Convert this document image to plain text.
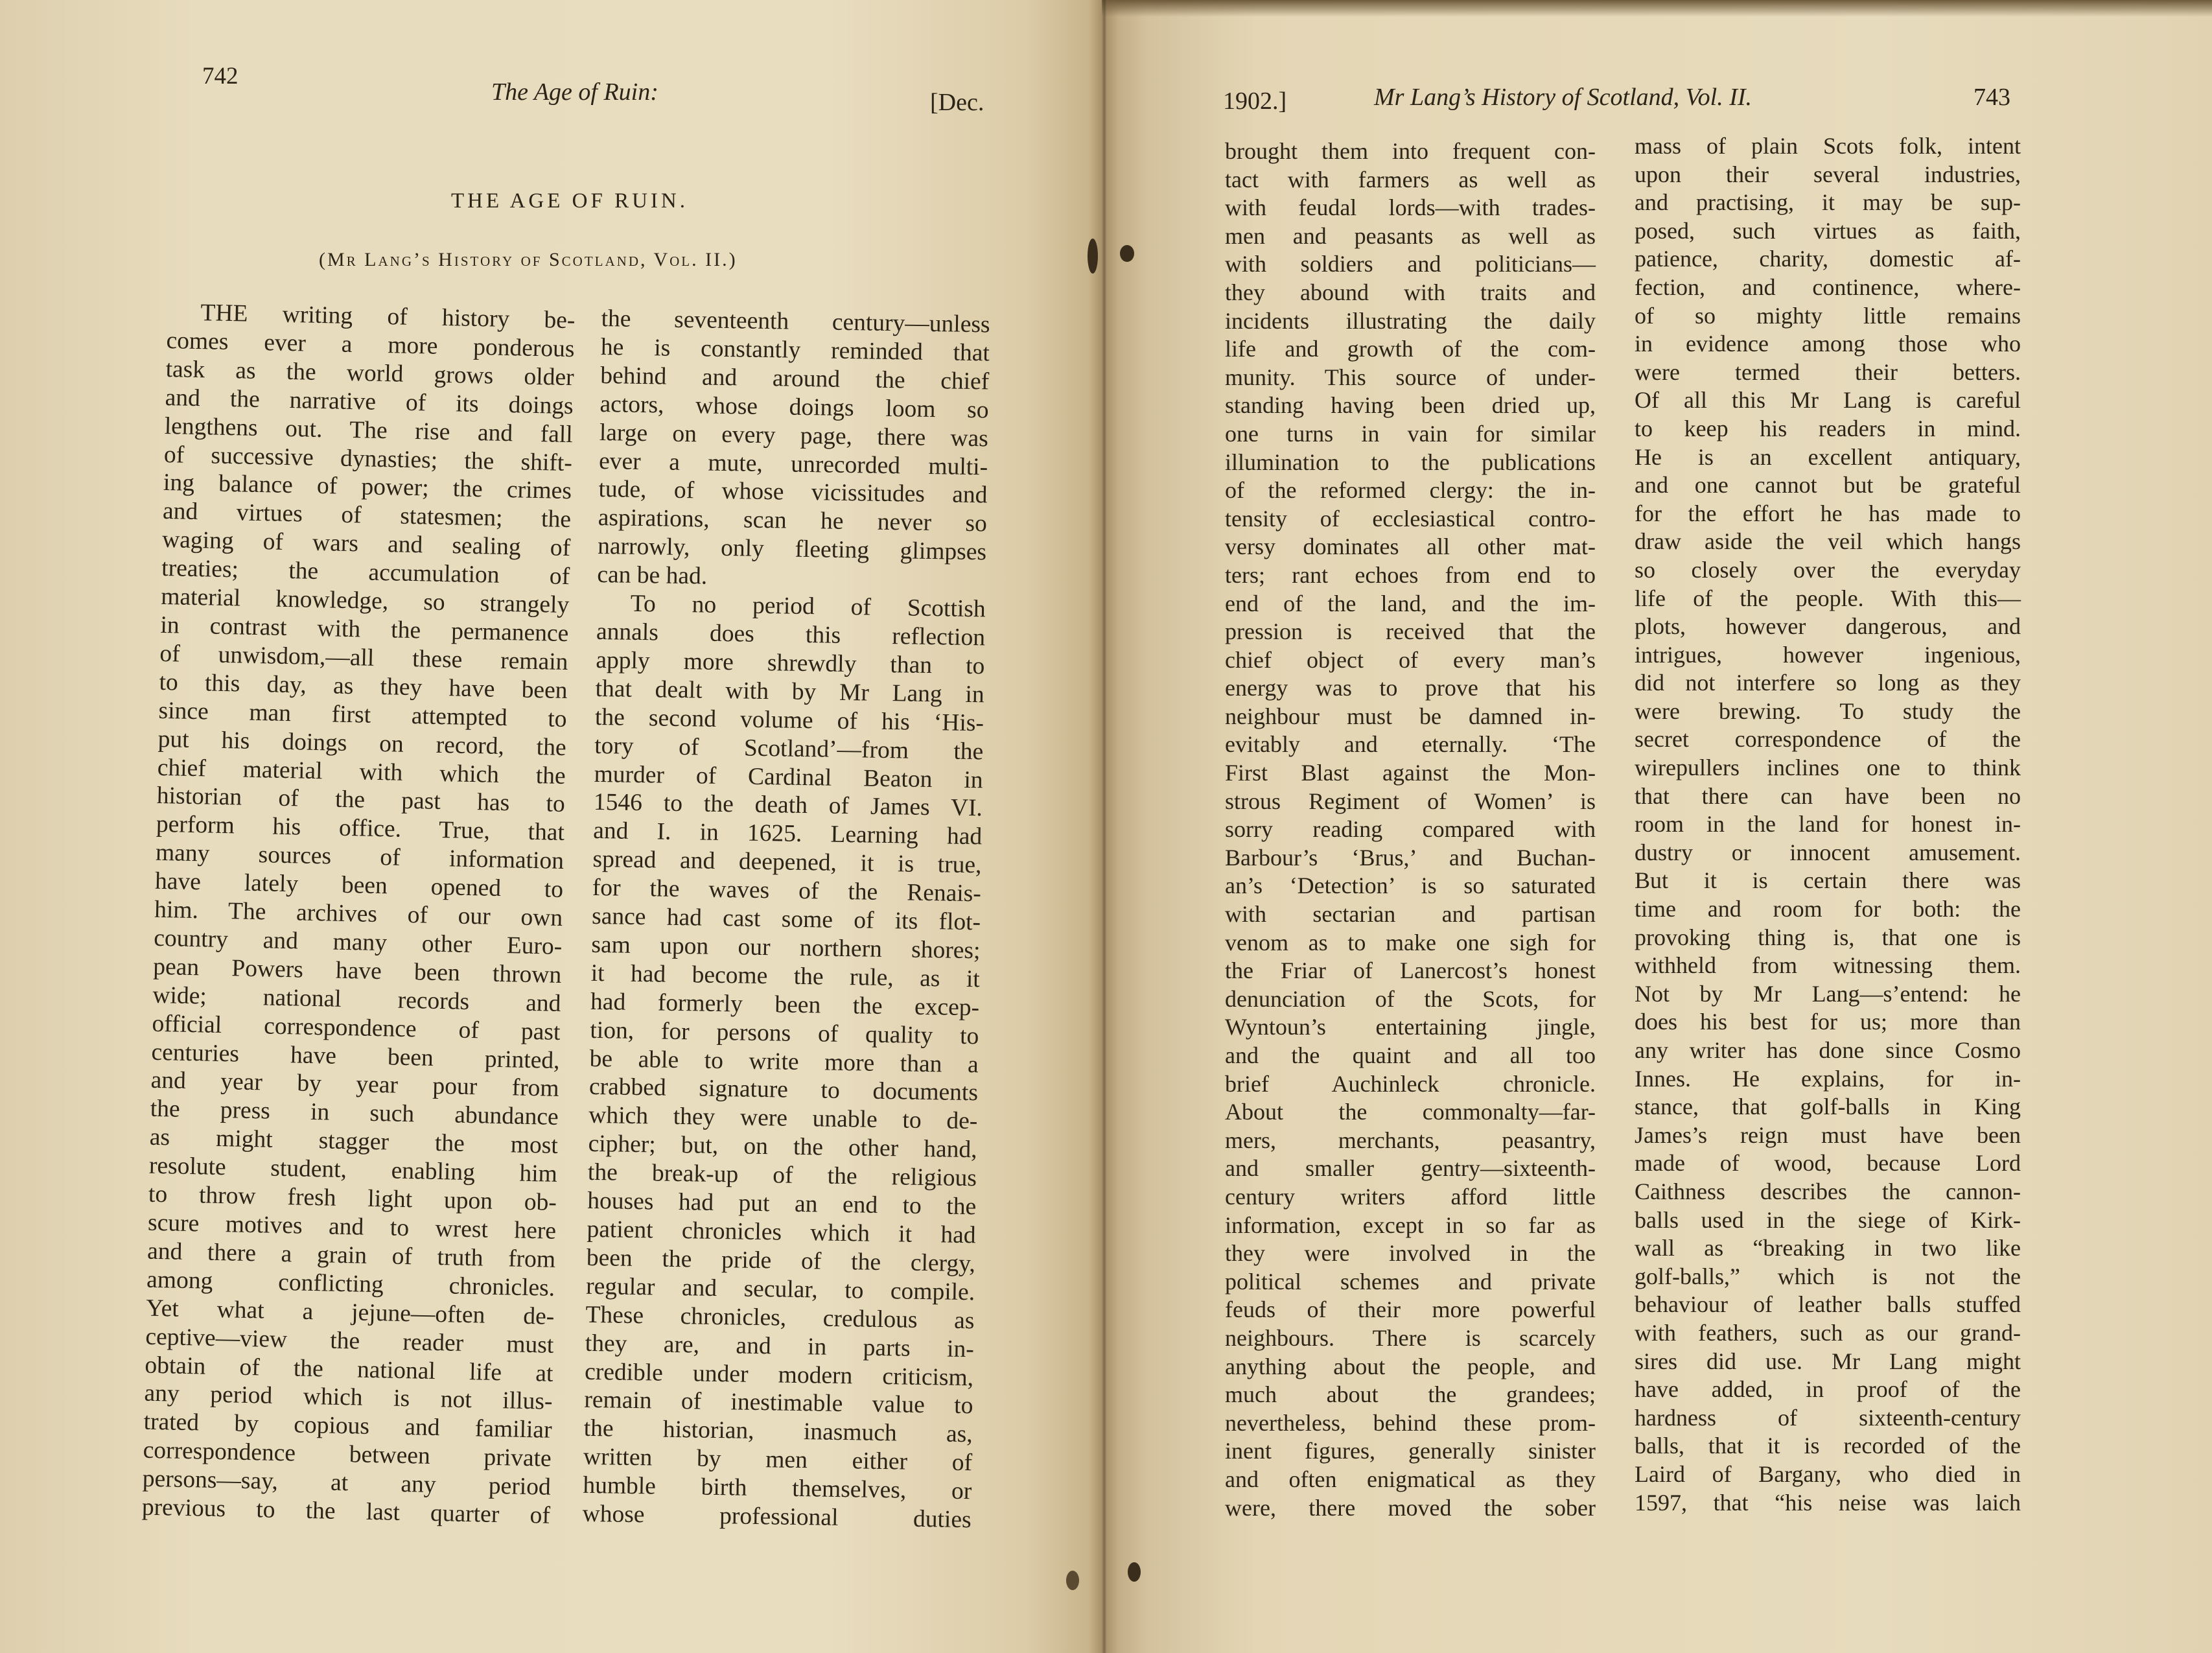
742
The Age of Ruin:	[Dec.
THE AGE OF RUIN.
(Mr Lang’s History of Scotland, Vol. II.)
THE writing of history be-
comes ever a more ponderous
task as the world grows older
and the narrative of its doings
lengthens out. The rise and fall
of successive dynasties; the shift-
ing balance of power; the crimes
and virtues of statesmen; the
waging of wars and sealing of
treaties; the accumulation of
material knowledge, so strangely
in contrast with the permanence
of unwisdom,—all these remain
to this day, as they have been
since man first attempted to
put his doings on record, the
chief material with which the
historian of the past has to
perform his office. True, that
many sources of information
have lately been opened to
him. The archives of our own
country and many other Euro-
pean Powers have been thrown
wide; national records and
official correspondence of past
centuries have been printed,
and year by year pour from
the press in such abundance
as might stagger the most
resolute student, enabling him
to throw fresh light upon ob-
scure motives and to wrest here
and there a grain of truth from
among conflicting chronicles.
Yet what a jejune—often de-
ceptive—view the reader must
obtain of the national life at
any period which is not illus-
trated by copious and familiar
correspondence between private
persons—say, at any period
previous to the last quarter of
the seventeenth century—unless
he is constantly reminded that
behind and around the chief
actors, whose doings loom so
large on every page, there was
ever a mute, unrecorded multi-
tude, of whose vicissitudes and
aspirations, scan he never so
narrowly, only fleeting glimpses
can be had.
To no period of Scottish
annals does this reflection
apply more shrewdly than to
that dealt with by Mr Lang in
the second volume of his ‘His-
tory of Scotland’—from the
murder of Cardinal Beaton in
1546 to the death of James VI.
and I. in 1625. Learning had
spread and deepened, it is true,
for the waves of the Renais-
sance had cast some of its flot-
sam upon our northern shores;
it had become the rule, as it
had formerly been the excep-
tion, for persons of quality to
be able to write more than a
crabbed signature to documents
which they were unable to de-
cipher; but, on the other hand,
the break-up of the religious
houses had put an end to the
patient chronicles which it had
been the pride of the clergy,
regular and secular, to compile.
These chronicles, credulous as
they are, and in parts in-
credible under modern criticism,
remain of inestimable value to
the historian, inasmuch as,
written by men either of
humble birth themselves, or
whose professional duties
1902.]	Mr Lang’s History of Scotland, Vol. II.	743
brought them into frequent con-
tact with farmers as well as
with feudal lords—with trades-
men and peasants as well as
with soldiers and politicians—
they abound with traits and
incidents illustrating the daily
life and growth of the com-
munity. This source of under-
standing having been dried up,
one turns in vain for similar
illumination to the publications
of the reformed clergy: the in-
tensity of ecclesiastical contro-
versy dominates all other mat-
ters; rant echoes from end to
end of the land, and the im-
pression is received that the
chief object of every man’s
energy was to prove that his
neighbour must be damned in-
evitably and eternally. ‘The
First Blast against the Mon-
strous Regiment of Women’ is
sorry reading compared with
Barbour’s ‘Brus,’ and Buchan-
an’s ‘Detection’ is so saturated
with sectarian and partisan
venom as to make one sigh for
the Friar of Lanercost’s honest
denunciation of the Scots, for
Wyntoun’s entertaining jingle,
and the quaint and all too
brief Auchinleck chronicle.
About the commonalty—far-
mers, merchants, peasantry,
and smaller gentry—sixteenth-
century writers afford little
information, except in so far as
they were involved in the
political schemes and private
feuds of their more powerful
neighbours. There is scarcely
anything about the people, and
much about the grandees;
nevertheless, behind these prom-
inent figures, generally sinister
and often enigmatical as they
were, there moved the sober
mass of plain Scots folk, intent
upon their several industries,
and practising, it may be sup-
posed, such virtues as faith,
patience, charity, domestic af-
fection, and continence, where-
of so mighty little remains
in evidence among those who
were termed their betters.
Of all this Mr Lang is careful
to keep his readers in mind.
He is an excellent antiquary,
and one cannot but be grateful
for the effort he has made to
draw aside the veil which hangs
so closely over the everyday
life of the people. With this—
plots, however dangerous, and
intrigues, however ingenious,
did not interfere so long as they
were brewing. To study the
secret correspondence of the
wirepullers inclines one to think
that there can have been no
room in the land for honest in-
dustry or innocent amusement.
But it is certain there was
time and room for both: the
provoking thing is, that one is
withheld from witnessing them.
Not by Mr Lang—s’entend: he
does his best for us; more than
any writer has done since Cosmo
Innes. He explains, for in-
stance, that golf-balls in King
James’s reign must have been
made of wood, because Lord
Caithness describes the cannon-
balls used in the siege of Kirk-
wall as “breaking in two like
golf-balls,” which is not the
behaviour of leather balls stuffed
with feathers, such as our grand-
sires did use. Mr Lang might
have added, in proof of the
hardness of sixteenth-century
balls, that it is recorded of the
Laird of Bargany, who died in
1597, that “his neise was laich
